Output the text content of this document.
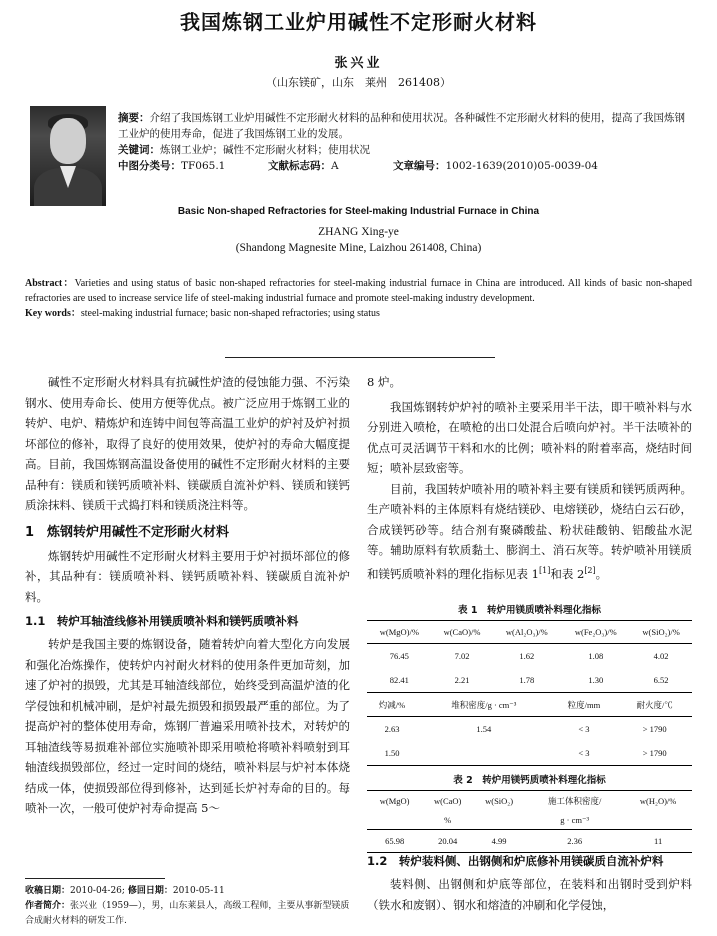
我国炼钢工业炉用碱性不定形耐火材料
张兴业
（山东镁矿，山东　莱州　261408）
摘要：介绍了我国炼钢工业炉用碱性不定形耐火材料的品种和使用状况。各种碱性不定形耐火材料的使用，提高了我国炼钢工业炉的使用寿命，促进了我国炼钢工业的发展。
关键词：炼钢工业炉；碱性不定形耐火材料；使用状况
中图分类号：TF065.1	文献标志码：A	文章编号：1002-1639(2010)05-0039-04
Basic Non-shaped Refractories for Steel-making Industrial Furnace in China
ZHANG Xing-ye
(Shandong Magnesite Mine, Laizhou 261408, China)
Abstract：Varieties and using status of basic non-shaped refractories for steel-making industrial furnace in China are introduced. All kinds of basic non-shaped refractories are used to increase service life of steel-making industrial furnace and promote steel-making industry development.
Key words：steel-making industrial furnace; basic non-shaped refractories; using status

碱性不定形耐火材料具有抗碱性炉渣的侵蚀能力强、不污染钢水、使用寿命长、使用方便等优点。被广泛应用于炼钢工业的转炉、电炉、精炼炉和连铸中间包等高温工业炉的炉衬及炉衬损坏部位的修补，取得了良好的使用效果，使炉衬的寿命大幅度提高。目前，我国炼钢高温设备使用的碱性不定形耐火材料的主要品种有：镁质和镁钙质喷补料、镁碳质自流补炉料、镁质和镁钙质涂抹料、镁质干式捣打料和镁质浇注料等。

1　炼钢转炉用碱性不定形耐火材料

炼钢转炉用碱性不定形耐火材料主要用于炉衬损坏部位的修补，其品种有：镁质喷补料、镁钙质喷补料、镁碳质自流补炉料。

1.1　转炉耳轴渣线修补用镁质喷补料和镁钙质喷补料

转炉是我国主要的炼钢设备，随着转炉向着大型化方向发展和强化冶炼操作，使转炉内衬耐火材料的使用条件更加苛刻，加速了炉衬的损毁，尤其是耳轴渣线部位，始终受到高温炉渣的化学侵蚀和机械冲刷，是炉衬最先损毁和损毁最严重的部位。为了提高炉衬的整体使用寿命，炼钢厂普遍采用喷补技术，对转炉的耳轴渣线等易损难补部位实施喷补即采用喷枪将喷补料喷射到耳轴渣线损毁部位，经过一定时间的烧结，喷补料层与炉衬本体烧结成一体，使损毁部位得到修补，达到延长炉衬寿命的目的。每喷补一次，一般可使炉衬寿命提高 5～

收稿日期：2010-04-26; 修回日期：2010-05-11
作者简介：张兴业（1959—），男，山东莱县人，高级工程师，主要从事新型镁质合成耐火材料的研发工作.

8 炉。

我国炼钢转炉炉衬的喷补主要采用半干法，即干喷补料与水分别进入喷枪，在喷枪的出口处混合后喷向炉衬。半干法喷补的优点可灵活调节干料和水的比例；喷补料的附着率高，烧结时间短；喷补层致密等。

目前，我国转炉喷补用的喷补料主要有镁质和镁钙质两种。生产喷补料的主体原料有烧结镁砂、电熔镁砂，烧结白云石砂，合成镁钙砂等。结合剂有聚磷酸盐、粉状硅酸钠、铝酸盐水泥等。辅助原料有软质黏土、膨润土、消石灰等。转炉喷补用镁质和镁钙质喷补料的理化指标见表 1[1]和表 2[2]。

表 1　转炉用镁质喷补料理化指标
w(MgO)/%	w(CaO)/%	w(Al₂O₃)/%	w(Fe₂O₃)/%	w(SiO₂)/%
76.45	7.02	1.62	1.08	4.02
82.41	2.21	1.78	1.30	6.52
灼减/%	堆积密度/g · cm⁻³	粒度/mm	耐火度/℃
2.63	1.54	< 3	> 1790
1.50		< 3	> 1790
表 2　转炉用镁钙质喷补料理化指标
w(MgO)	w(CaO)	w(SiO₂)	施工体积密度/	w(H₂O)/%
	%		g · cm⁻³	
65.98	20.04	4.99	2.36	11
1.2　转炉装料侧、出钢侧和炉底修补用镁碳质自流补炉料

装料侧、出钢侧和炉底等部位，在装料和出钢时受到炉料（铁水和废钢）、钢水和熔渣的冲刷和化学侵蚀，
